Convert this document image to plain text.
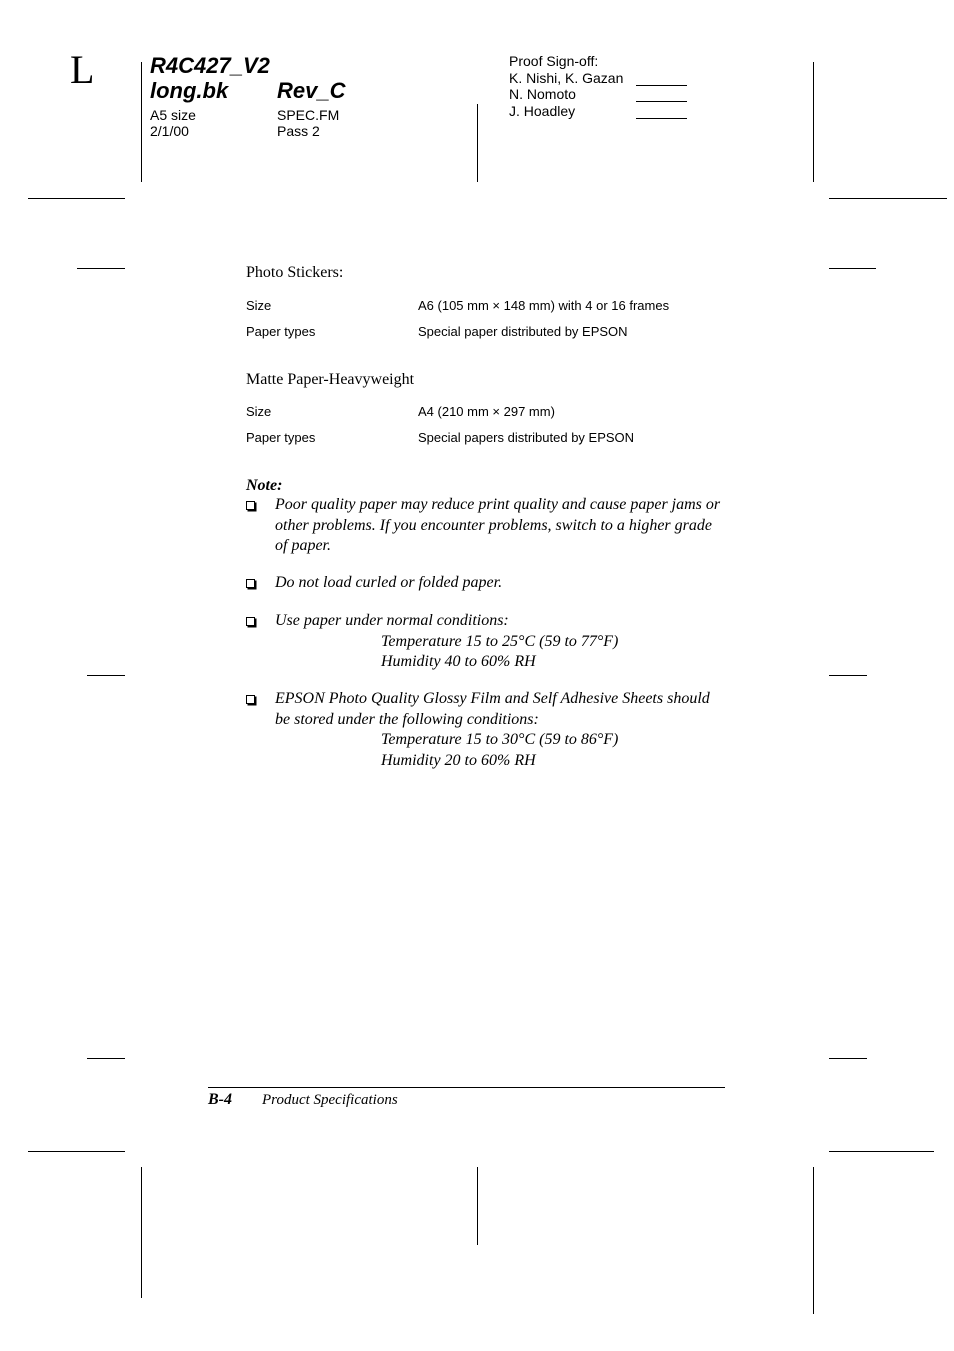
L	R4C427_V2
long.bk Rev_C
A5 size	SPEC.FM
2/1/00	Pass 2
Proof Sign-off:
K. Nishi, K. Gazan
N. Nomoto
J. Hoadley
Photo Stickers:
Size	A6 (105 mm × 148 mm) with 4 or 16 frames
Paper types	Special paper distributed by EPSON
Matte Paper-Heavyweight
Size	A4 (210 mm × 297 mm)
Paper types	Special papers distributed by EPSON
Note:
Poor quality paper may reduce print quality and cause paper jams or other problems. If you encounter problems, switch to a higher grade of paper.
Do not load curled or folded paper.
Use paper under normal conditions:
Temperature 15 to 25°C (59 to 77°F)
Humidity 40 to 60% RH
EPSON Photo Quality Glossy Film and Self Adhesive Sheets should be stored under the following conditions:
Temperature 15 to 30°C (59 to 86°F)
Humidity 20 to 60% RH
B-4 Product Specifications
